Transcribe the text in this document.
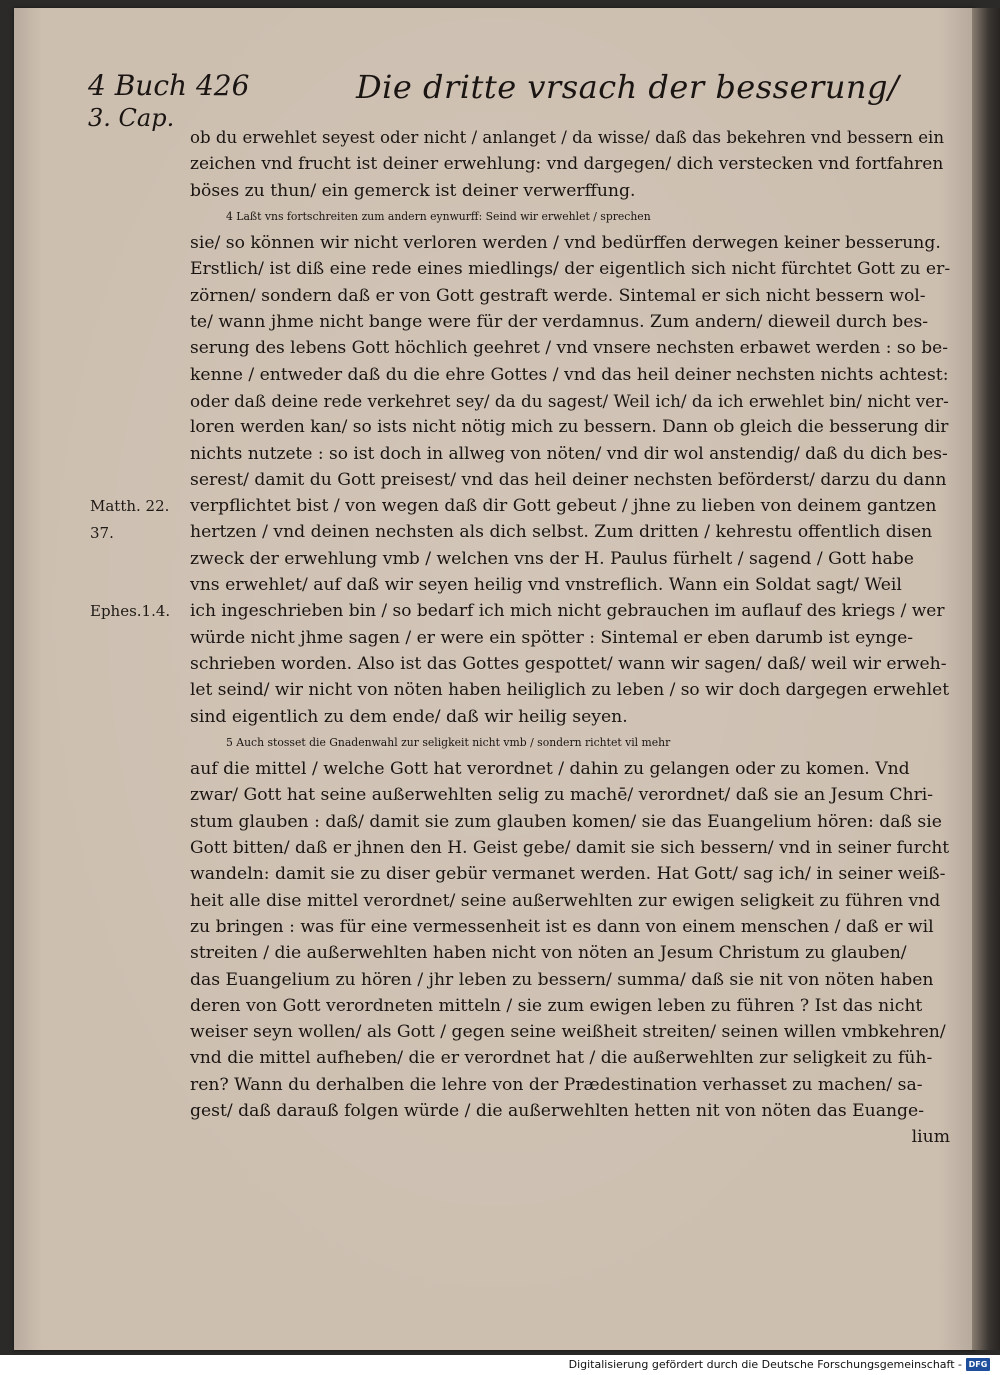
4 Buch 426
3. Cap.
Die dritte vrsach der besserung/
Matth. 22.
37.
Ephes.1.4.
ob du erwehlet seyest oder nicht / anlanget / da wisse/ daß das bekehren vnd bessern ein
zeichen vnd frucht ist deiner erwehlung: vnd dargegen/ dich verstecken vnd fortfahren
böses zu thun/ ein gemerck ist deiner verwerffung.
4 Laßt vns fortschreiten zum andern eynwurff: Seind wir erwehlet / sprechen
sie/ so können wir nicht verloren werden / vnd bedürffen derwegen keiner besserung.
Erstlich/ ist diß eine rede eines miedlings/ der eigentlich sich nicht fürchtet Gott zu er-
zörnen/ sondern daß er von Gott gestraft werde. Sintemal er sich nicht bessern wol-
te/ wann jhme nicht bange were für der verdamnus. Zum andern/ dieweil durch bes-
serung des lebens Gott höchlich geehret / vnd vnsere nechsten erbawet werden : so be-
kenne / entweder daß du die ehre Gottes / vnd das heil deiner nechsten nichts achtest:
oder daß deine rede verkehret sey/ da du sagest/ Weil ich/ da ich erwehlet bin/ nicht ver-
loren werden kan/ so ists nicht nötig mich zu bessern. Dann ob gleich die besserung dir
nichts nutzete : so ist doch in allweg von nöten/ vnd dir wol anstendig/ daß du dich bes-
serest/ damit du Gott preisest/ vnd das heil deiner nechsten beförderst/ darzu du dann
verpflichtet bist / von wegen daß dir Gott gebeut / jhne zu lieben von deinem gantzen
hertzen / vnd deinen nechsten als dich selbst. Zum dritten / kehrestu offentlich disen
zweck der erwehlung vmb / welchen vns der H. Paulus fürhelt / sagend / Gott habe
vns erwehlet/ auf daß wir seyen heilig vnd vnstreflich. Wann ein Soldat sagt/ Weil
ich ingeschrieben bin / so bedarf ich mich nicht gebrauchen im auflauf des kriegs / wer
würde nicht jhme sagen / er were ein spötter : Sintemal er eben darumb ist eynge-
schrieben worden. Also ist das Gottes gespottet/ wann wir sagen/ daß/ weil wir erweh-
let seind/ wir nicht von nöten haben heiliglich zu leben / so wir doch dargegen erwehlet
sind eigentlich zu dem ende/ daß wir heilig seyen.
5 Auch stosset die Gnadenwahl zur seligkeit nicht vmb / sondern richtet vil mehr
auf die mittel / welche Gott hat verordnet / dahin zu gelangen oder zu komen. Vnd
zwar/ Gott hat seine außerwehlten selig zu machē/ verordnet/ daß sie an Jesum Chri-
stum glauben : daß/ damit sie zum glauben komen/ sie das Euangelium hören: daß sie
Gott bitten/ daß er jhnen den H. Geist gebe/ damit sie sich bessern/ vnd in seiner furcht
wandeln: damit sie zu diser gebür vermanet werden. Hat Gott/ sag ich/ in seiner weiß-
heit alle dise mittel verordnet/ seine außerwehlten zur ewigen seligkeit zu führen vnd
zu bringen : was für eine vermessenheit ist es dann von einem menschen / daß er wil
streiten / die außerwehlten haben nicht von nöten an Jesum Christum zu glauben/
das Euangelium zu hören / jhr leben zu bessern/ summa/ daß sie nit von nöten haben
deren von Gott verordneten mitteln / sie zum ewigen leben zu führen ? Ist das nicht
weiser seyn wollen/ als Gott / gegen seine weißheit streiten/ seinen willen vmbkehren/
vnd die mittel aufheben/ die er verordnet hat / die außerwehlten zur seligkeit zu füh-
ren? Wann du derhalben die lehre von der Prædestination verhasset zu machen/ sa-
gest/ daß darauß folgen würde / die außerwehlten hetten nit von nöten das Euange-
lium
Digitalisierung gefördert durch die Deutsche Forschungsgemeinschaft - DFG
